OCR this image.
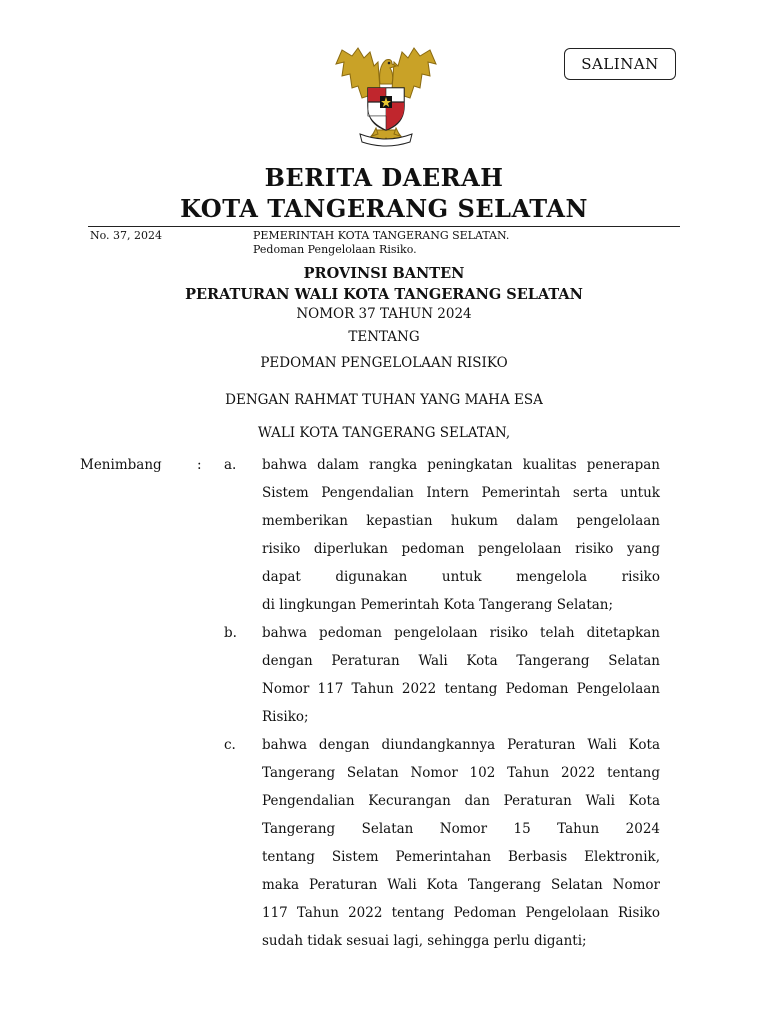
SALINAN
BERITA DAERAH
KOTA TANGERANG SELATAN
No. 37, 2024	PEMERINTAH KOTA TANGERANG SELATAN.
Pedoman Pengelolaan Risiko.
PROVINSI BANTEN
PERATURAN WALI KOTA TANGERANG SELATAN
NOMOR 37 TAHUN 2024
TENTANG
PEDOMAN PENGELOLAAN RISIKO
DENGAN RAHMAT TUHAN YANG MAHA ESA
WALI KOTA TANGERANG SELATAN,
Menimbang	: a. bahwa dalam rangka peningkatan kualitas penerapan
Sistem Pengendalian Intern Pemerintah serta untuk
memberikan kepastian hukum dalam pengelolaan
risiko diperlukan pedoman pengelolaan risiko yang
dapat digunakan untuk mengelola risiko
di lingkungan Pemerintah Kota Tangerang Selatan;
b. bahwa pedoman pengelolaan risiko telah ditetapkan
dengan Peraturan Wali Kota Tangerang Selatan
Nomor 117 Tahun 2022 tentang Pedoman Pengelolaan
Risiko;
c. bahwa dengan diundangkannya Peraturan Wali Kota
Tangerang Selatan Nomor 102 Tahun 2022 tentang
Pengendalian Kecurangan dan Peraturan Wali Kota
Tangerang Selatan Nomor 15 Tahun 2024
tentang Sistem Pemerintahan Berbasis Elektronik,
maka Peraturan Wali Kota Tangerang Selatan Nomor
117 Tahun 2022 tentang Pedoman Pengelolaan Risiko
sudah tidak sesuai lagi, sehingga perlu diganti;
